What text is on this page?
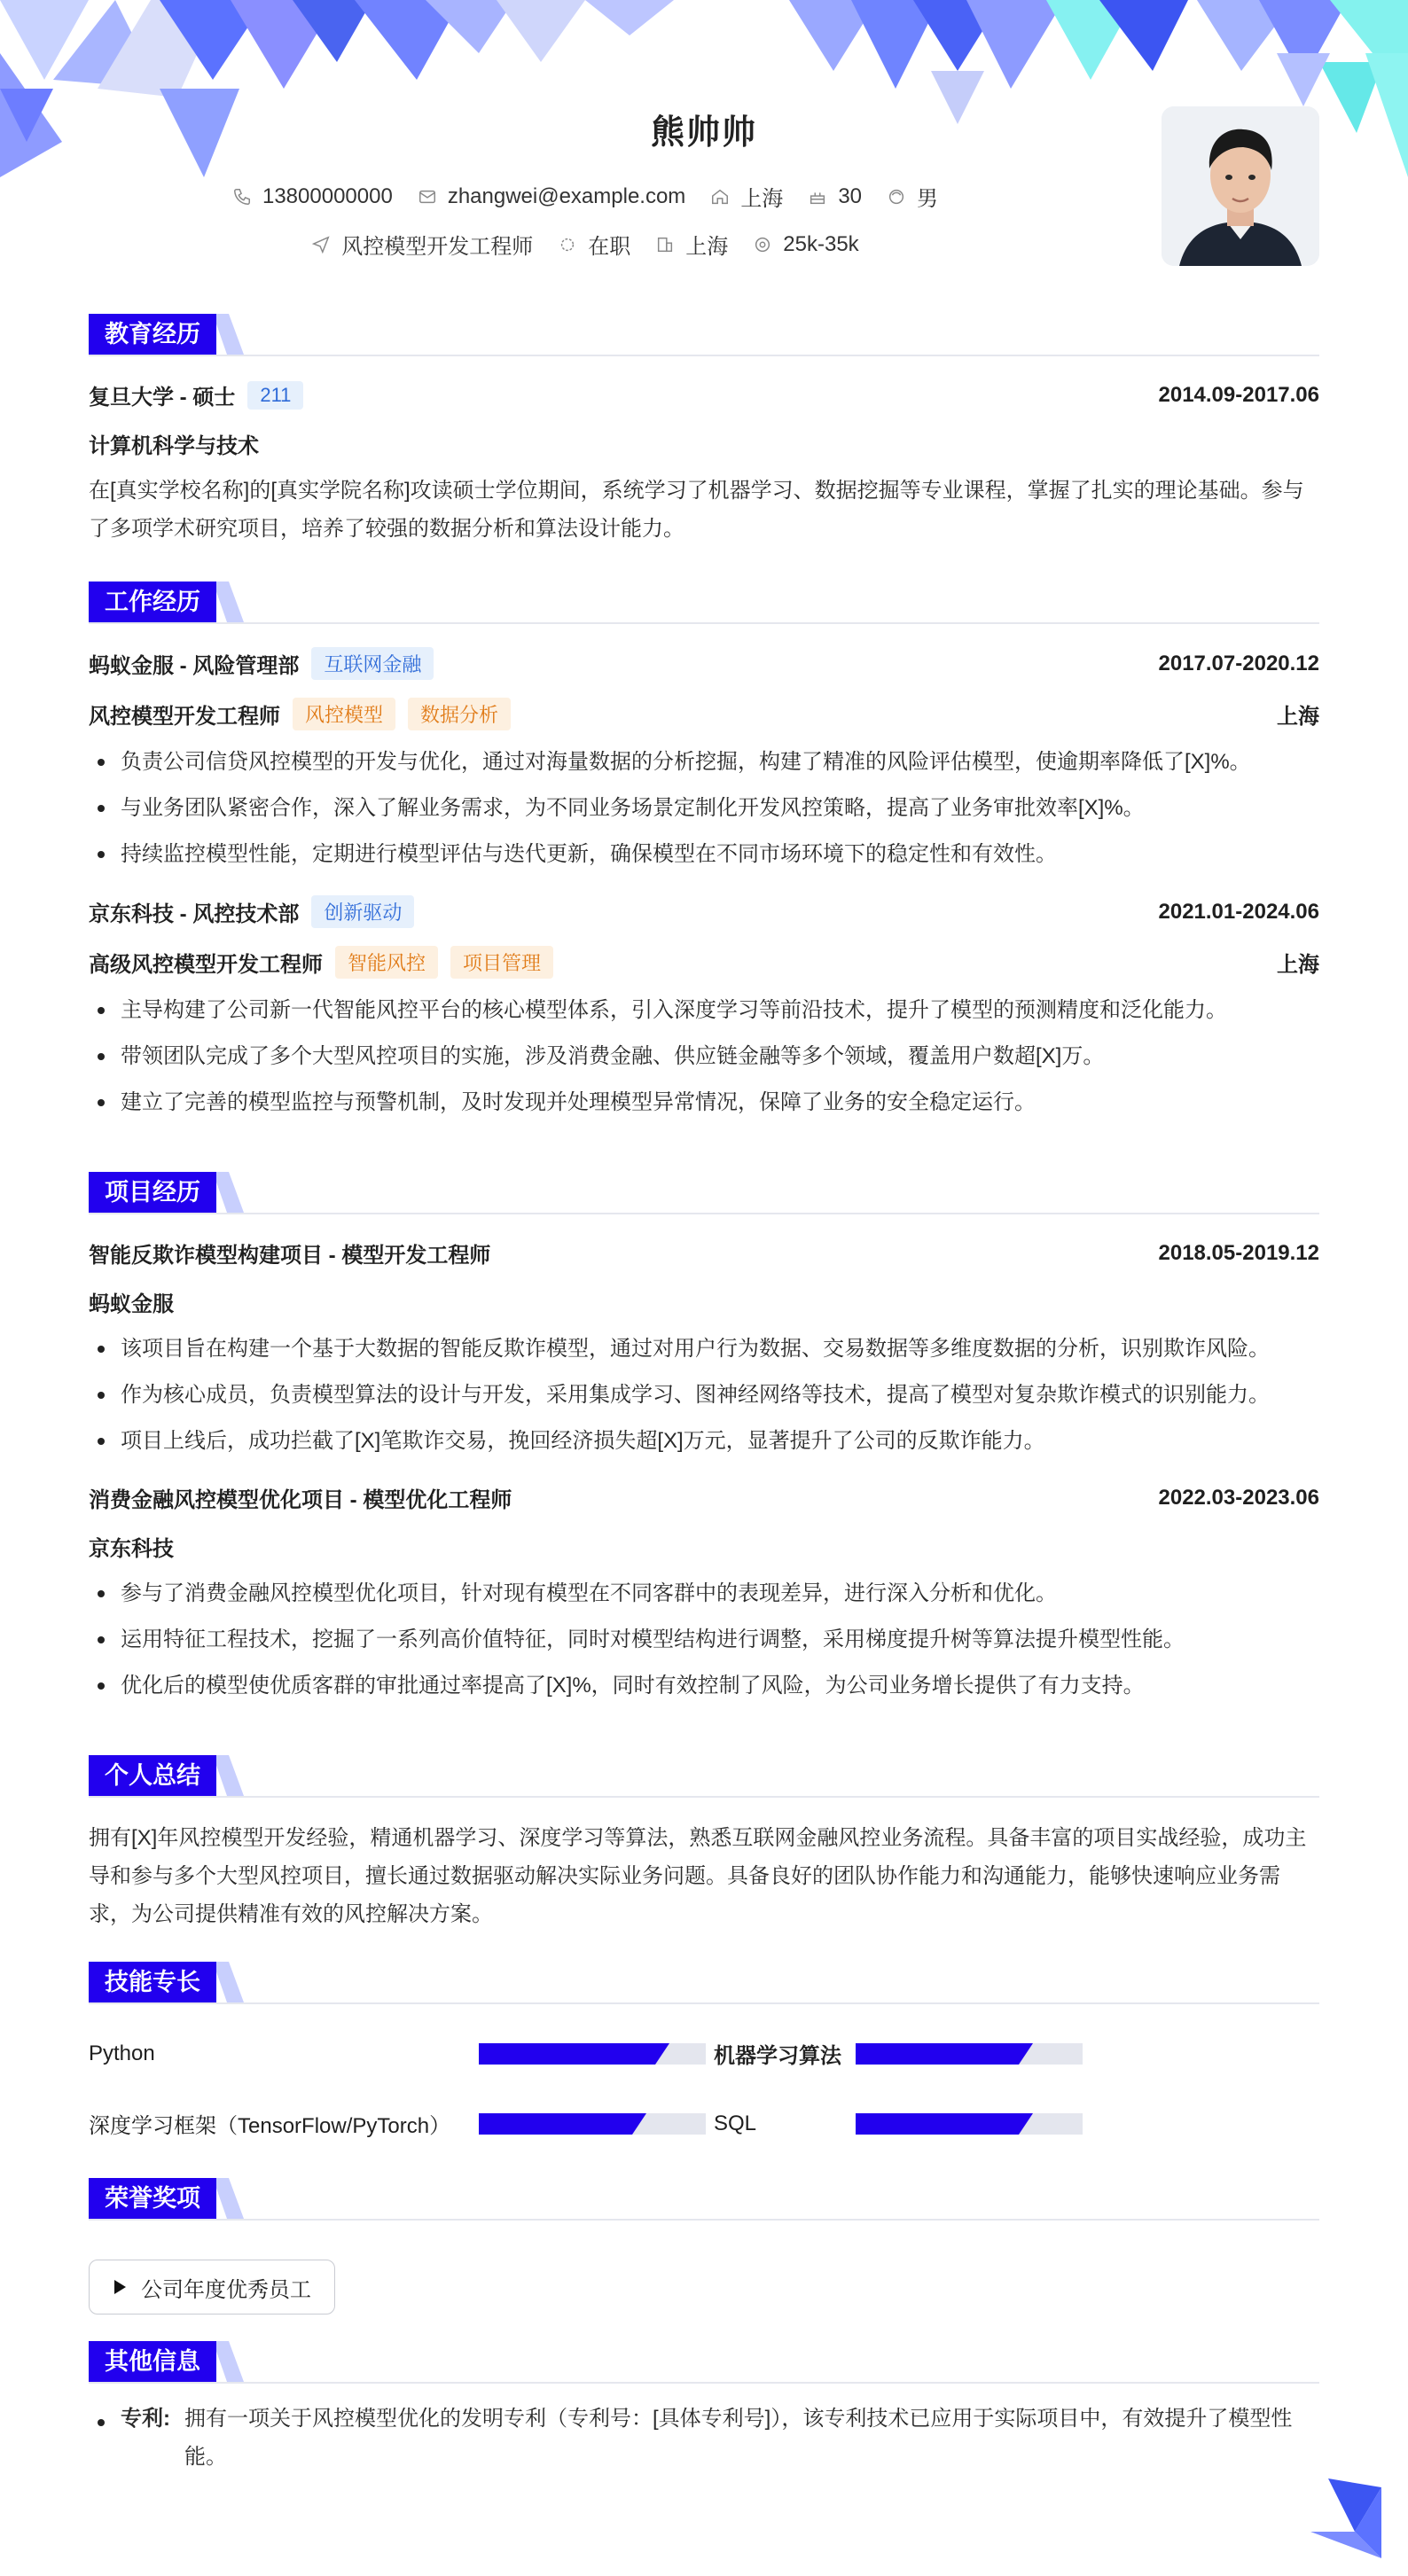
熊帅帅
13800000000	zhangwei@example.com	上海	30	男
风控模型开发工程师	在职	上海	25k-35k
教育经历
复旦大学 - 硕士	211	2014.09-2017.06
计算机科学与技术

在[真实学校名称]的[真实学院名称]攻读硕士学位期间，系统学习了机器学习、数据挖掘等专业课程，掌握了扎实的理论基础。参与了多项学术研究项目，培养了较强的数据分析和算法设计能力。

工作经历
蚂蚁金服 - 风险管理部	互联网金融	2017.07-2020.12
风控模型开发工程师	风控模型	数据分析	上海
负责公司信贷风控模型的开发与优化，通过对海量数据的分析挖掘，构建了精准的风险评估模型，使逾期率降低了[X]%。
与业务团队紧密合作，深入了解业务需求，为不同业务场景定制化开发风控策略，提高了业务审批效率[X]%。
持续监控模型性能，定期进行模型评估与迭代更新，确保模型在不同市场环境下的稳定性和有效性。
京东科技 - 风控技术部	创新驱动	2021.01-2024.06
高级风控模型开发工程师	智能风控	项目管理	上海
主导构建了公司新一代智能风控平台的核心模型体系，引入深度学习等前沿技术，提升了模型的预测精度和泛化能力。
带领团队完成了多个大型风控项目的实施，涉及消费金融、供应链金融等多个领域，覆盖用户数超[X]万。
建立了完善的模型监控与预警机制，及时发现并处理模型异常情况，保障了业务的安全稳定运行。
项目经历
智能反欺诈模型构建项目 - 模型开发工程师	2018.05-2019.12
蚂蚁金服
该项目旨在构建一个基于大数据的智能反欺诈模型，通过对用户行为数据、交易数据等多维度数据的分析，识别欺诈风险。
作为核心成员，负责模型算法的设计与开发，采用集成学习、图神经网络等技术，提高了模型对复杂欺诈模式的识别能力。
项目上线后，成功拦截了[X]笔欺诈交易，挽回经济损失超[X]万元，显著提升了公司的反欺诈能力。
消费金融风控模型优化项目 - 模型优化工程师	2022.03-2023.06
京东科技
参与了消费金融风控模型优化项目，针对现有模型在不同客群中的表现差异，进行深入分析和优化。
运用特征工程技术，挖掘了一系列高价值特征，同时对模型结构进行调整，采用梯度提升树等算法提升模型性能。
优化后的模型使优质客群的审批通过率提高了[X]%，同时有效控制了风险，为公司业务增长提供了有力支持。
个人总结

拥有[X]年风控模型开发经验，精通机器学习、深度学习等算法，熟悉互联网金融风控业务流程。具备丰富的项目实战经验，成功主导和参与多个大型风控项目，擅长通过数据驱动解决实际业务问题。具备良好的团队协作能力和沟通能力，能够快速响应业务需求，为公司提供精准有效的风控解决方案。

技能专长
Python	机器学习算法
深度学习框架（TensorFlow/PyTorch）	SQL
荣誉奖项
公司年度优秀员工
其他信息
专利: 拥有一项关于风控模型优化的发明专利（专利号：[具体专利号]），该专利技术已应用于实际项目中，有效提升了模型性能。
